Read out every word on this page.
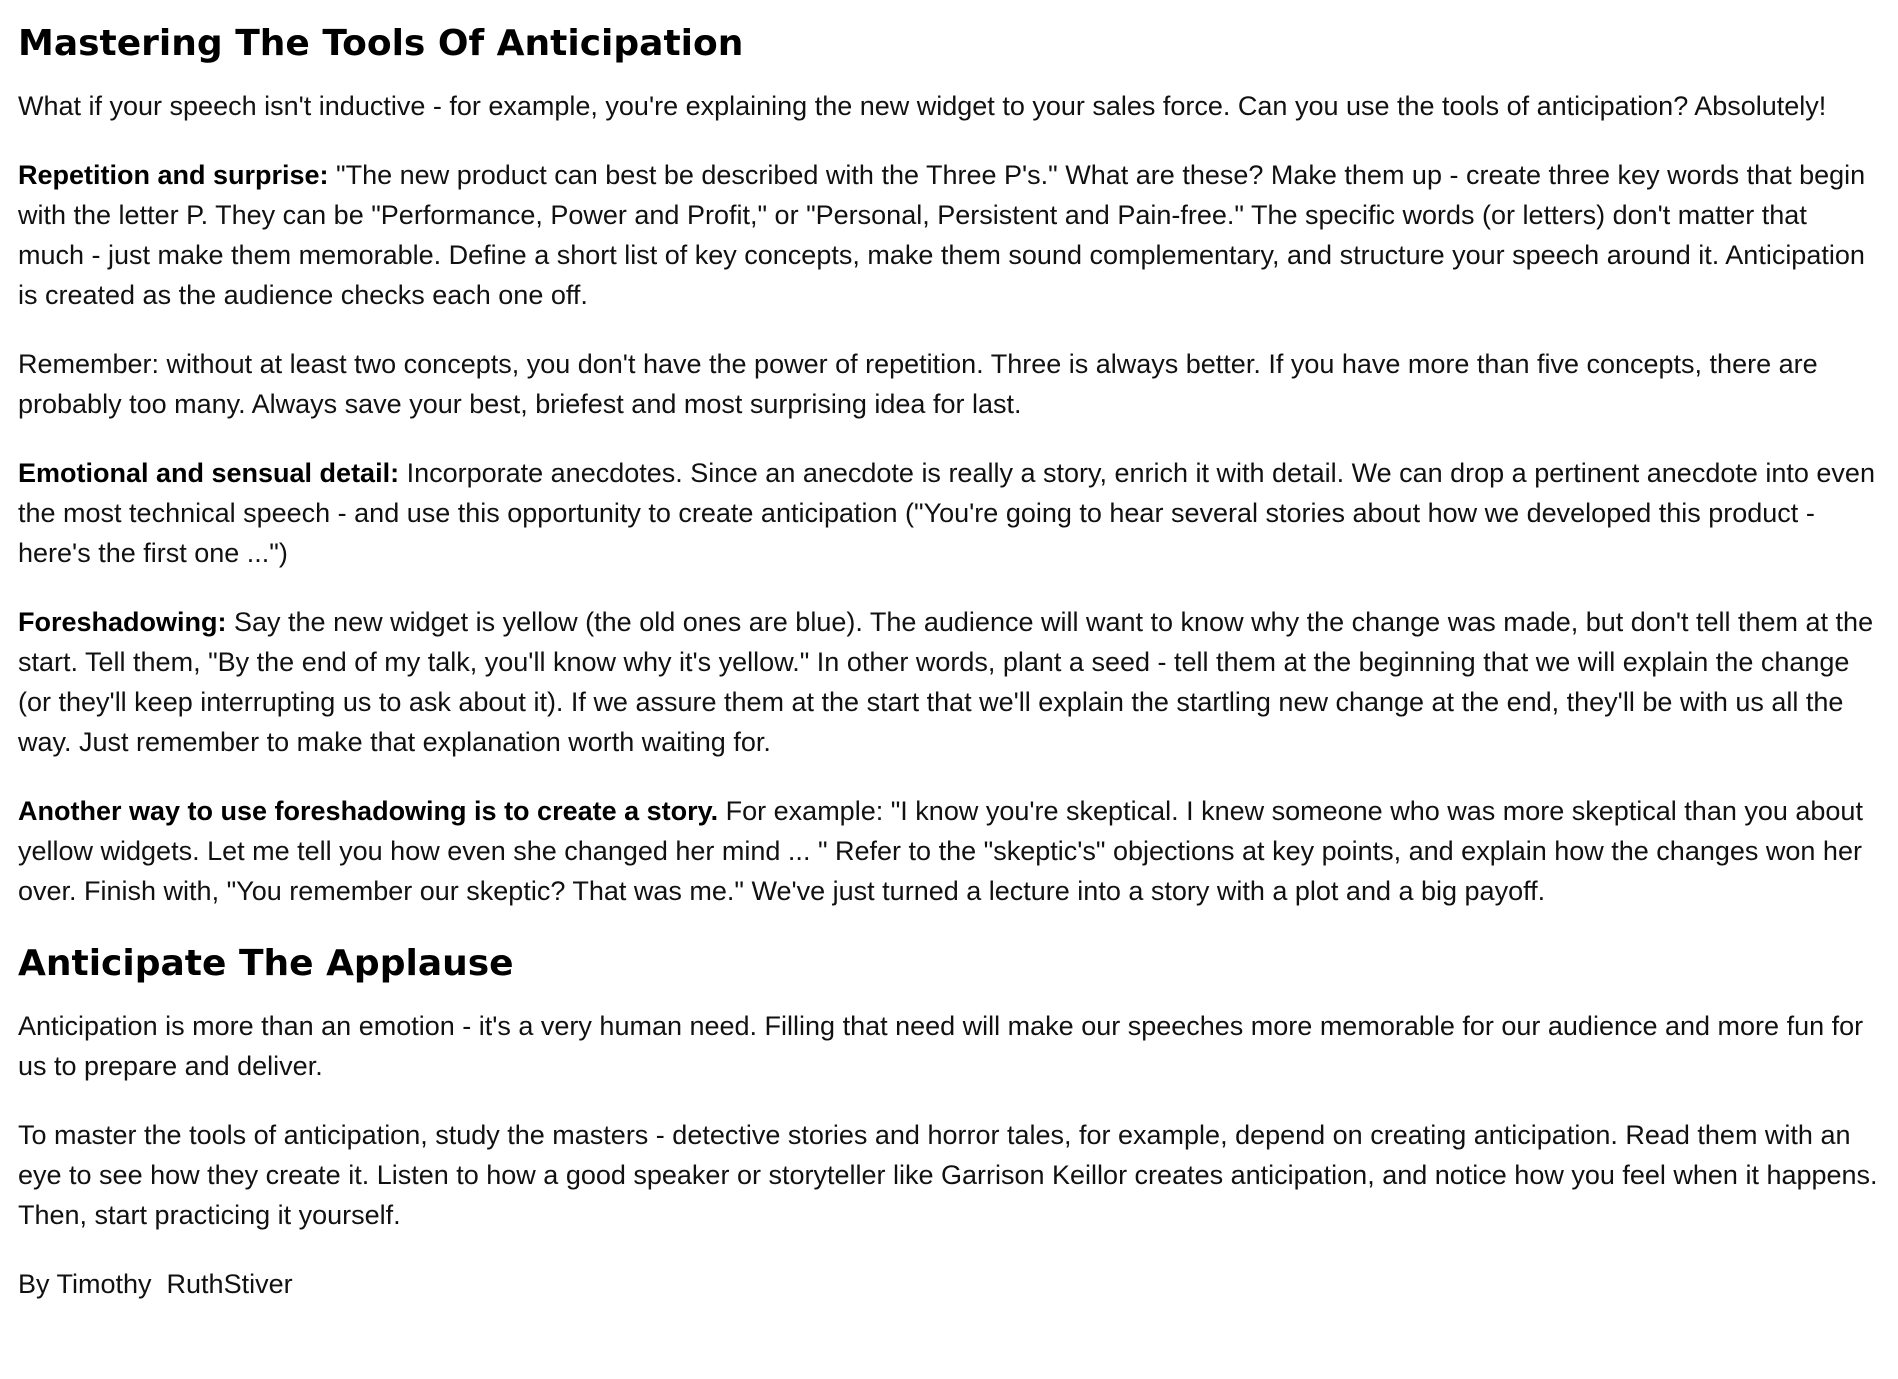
Mastering The Tools Of Anticipation

What if your speech isn't inductive - for example, you're explaining the new widget to your sales force. Can you use the tools of anticipation? Absolutely!

Repetition and surprise: "The new product can best be described with the Three P's." What are these? Make them up - create three key words that begin with the letter P. They can be "Performance, Power and Profit," or "Personal, Persistent and Pain-free." The specific words (or letters) don't matter that much - just make them memorable. Define a short list of key concepts, make them sound complementary, and structure your speech around it. Anticipation is created as the audience checks each one off.

Remember: without at least two concepts, you don't have the power of repetition. Three is always better. If you have more than five concepts, there are probably too many. Always save your best, briefest and most surprising idea for last.

Emotional and sensual detail: Incorporate anecdotes. Since an anecdote is really a story, enrich it with detail. We can drop a pertinent anecdote into even the most technical speech - and use this opportunity to create anticipation ("You're going to hear several stories about how we developed this product - here's the first one ...")

Foreshadowing: Say the new widget is yellow (the old ones are blue). The audience will want to know why the change was made, but don't tell them at the start. Tell them, "By the end of my talk, you'll know why it's yellow." In other words, plant a seed - tell them at the beginning that we will explain the change (or they'll keep interrupting us to ask about it). If we assure them at the start that we'll explain the startling new change at the end, they'll be with us all the way. Just remember to make that explanation worth waiting for.

Another way to use foreshadowing is to create a story. For example: "I know you're skeptical. I knew someone who was more skeptical than you about yellow widgets. Let me tell you how even she changed her mind ... " Refer to the "skeptic's" objections at key points, and explain how the changes won her over. Finish with, "You remember our skeptic? That was me." We've just turned a lecture into a story with a plot and a big payoff.

Anticipate The Applause

Anticipation is more than an emotion - it's a very human need. Filling that need will make our speeches more memorable for our audience and more fun for us to prepare and deliver.

To master the tools of anticipation, study the masters - detective stories and horror tales, for example, depend on creating anticipation. Read them with an eye to see how they create it. Listen to how a good speaker or storyteller like Garrison Keillor creates anticipation, and notice how you feel when it happens. Then, start practicing it yourself.

By Timothy  RuthStiver
